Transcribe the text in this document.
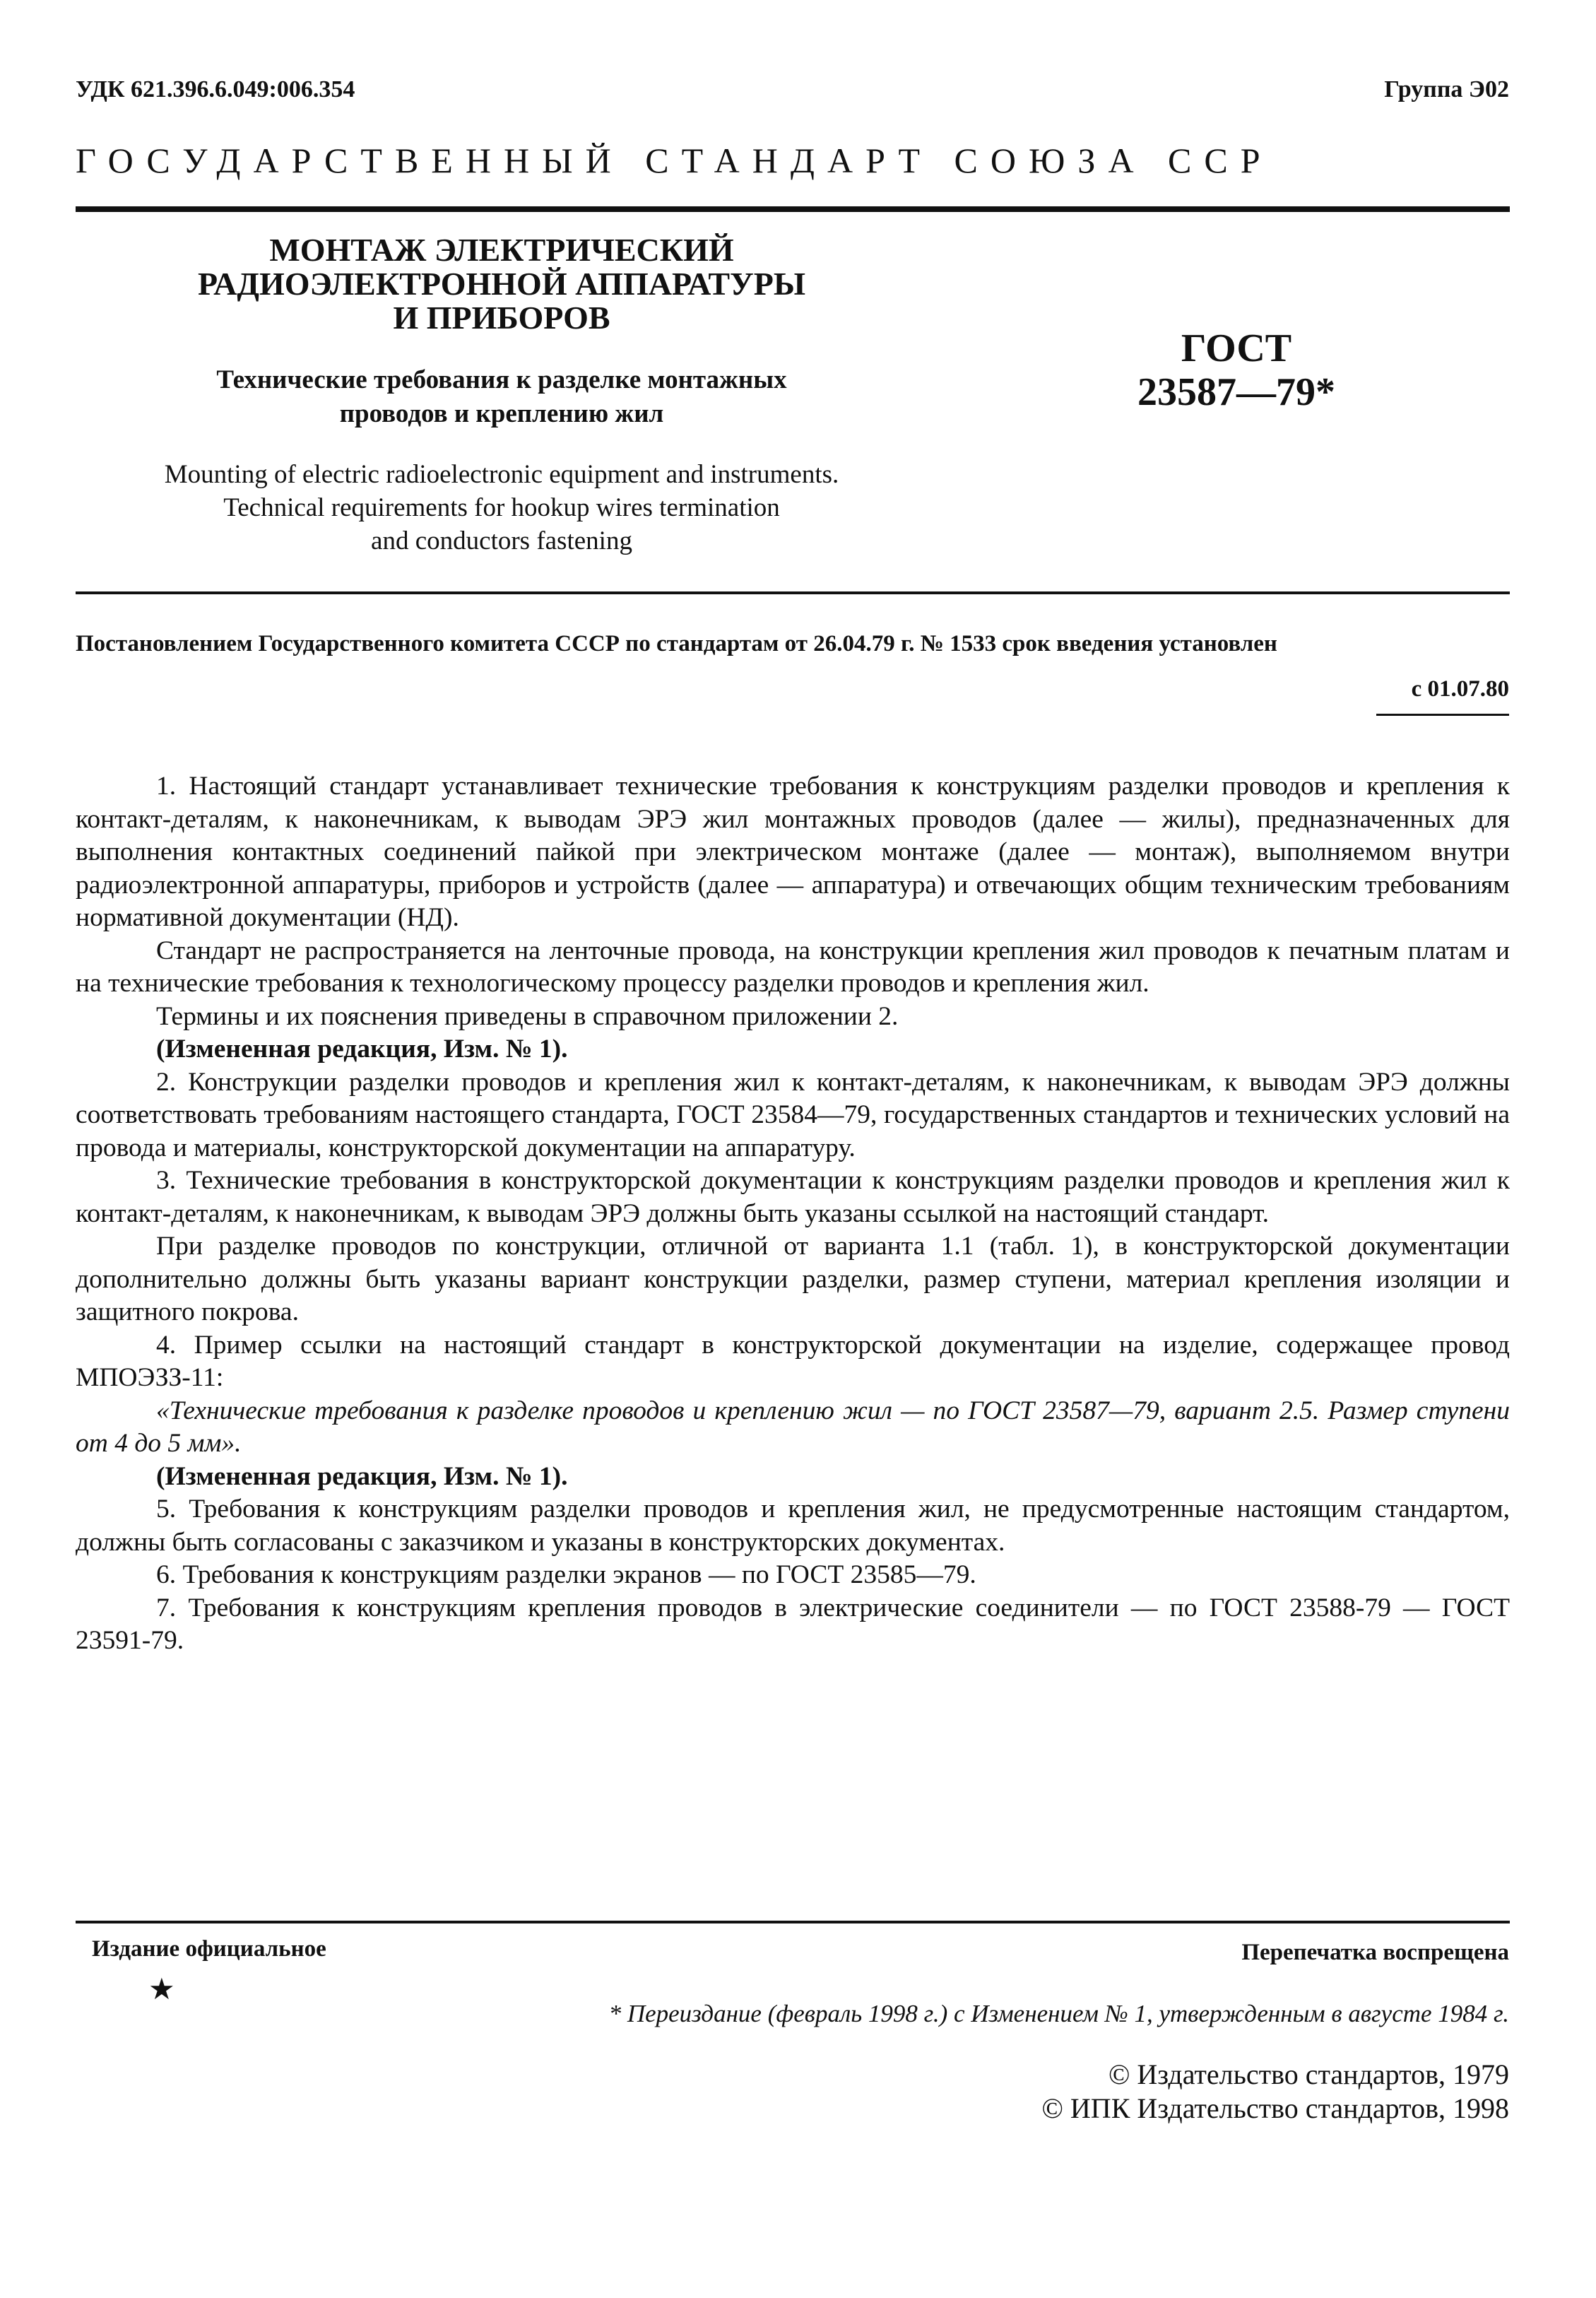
УДК 621.396.6.049:006.354	Группа Э02
ГОСУДАРСТВЕННЫЙ СТАНДАРТ СОЮЗА ССР
МОНТАЖ ЭЛЕКТРИЧЕСКИЙ
РАДИОЭЛЕКТРОННОЙ АППАРАТУРЫ
И ПРИБОРОВ
Технические требования к разделке монтажных
проводов и креплению жил
Mounting of electric radioelectronic equipment and instruments.
Technical requirements for hookup wires termination
and conductors fastening
ГОСТ
23587—79*
Постановлением Государственного комитета СССР по стандартам от 26.04.79 г. № 1533 срок введения установлен
с 01.07.80

1. Настоящий стандарт устанавливает технические требования к конструкциям разделки проводов и крепления к контакт-деталям, к наконечникам, к выводам ЭРЭ жил монтажных проводов (далее — жилы), предназначенных для выполнения контактных соединений пайкой при электрическом монтаже (далее — монтаж), выполняемом внутри радиоэлектронной аппаратуры, приборов и устройств (далее — аппаратура) и отвечающих общим техническим требованиям нормативной документации (НД).

Стандарт не распространяется на ленточные провода, на конструкции крепления жил проводов к печатным платам и на технические требования к технологическому процессу разделки проводов и крепления жил.

Термины и их пояснения приведены в справочном приложении 2.

(Измененная редакция, Изм. № 1).

2. Конструкции разделки проводов и крепления жил к контакт-деталям, к наконечникам, к выводам ЭРЭ должны соответствовать требованиям настоящего стандарта, ГОСТ 23584—79, государственных стандартов и технических условий на провода и материалы, конструкторской документации на аппаратуру.

3. Технические требования в конструкторской документации к конструкциям разделки проводов и крепления жил к контакт-деталям, к наконечникам, к выводам ЭРЭ должны быть указаны ссылкой на настоящий стандарт.

При разделке проводов по конструкции, отличной от варианта 1.1 (табл. 1), в конструкторской документации дополнительно должны быть указаны вариант конструкции разделки, размер ступени, материал крепления изоляции и защитного покрова.

4. Пример ссылки на настоящий стандарт в конструкторской документации на изделие, содержащее провод МПОЭЗЗ-11:

«Технические требования к разделке проводов и креплению жил — по ГОСТ 23587—79, вариант 2.5. Размер ступени от 4 до 5 мм».

(Измененная редакция, Изм. № 1).

5. Требования к конструкциям разделки проводов и крепления жил, не предусмотренные настоящим стандартом, должны быть согласованы с заказчиком и указаны в конструкторских документах.

6. Требования к конструкциям разделки экранов — по ГОСТ 23585—79.

7. Требования к конструкциям крепления проводов в электрические соединители — по ГОСТ 23588-79 — ГОСТ 23591-79.

Издание официальное	Перепечатка воспрещена
★
* Переиздание (февраль 1998 г.) с Изменением № 1, утвержденным в августе 1984 г.
© Издательство стандартов, 1979
© ИПК Издательство стандартов, 1998
